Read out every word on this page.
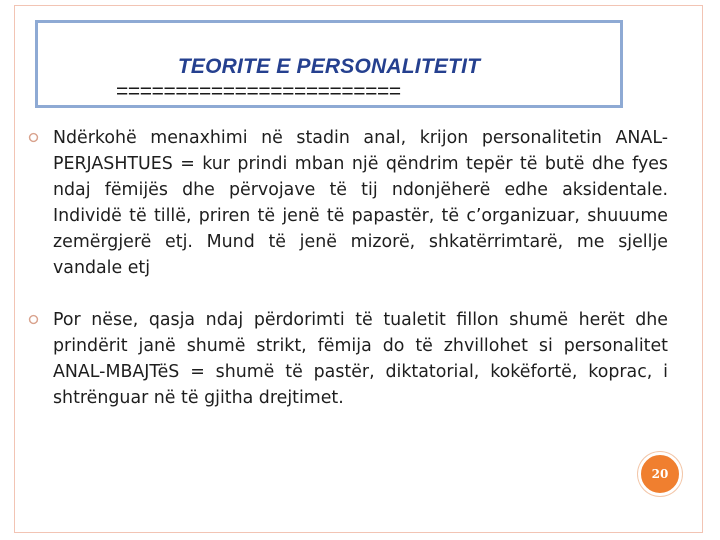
TEORITE E PERSONALITETIT
========================
Ndërkohë menaxhimi në stadin anal, krijon personalitetin ANAL-PERJASHTUES = kur prindi mban një qëndrim tepër të butë dhe fyes ndaj fëmijës dhe përvojave të tij ndonjëherë edhe aksidentale. Individë të tillë, priren të jenë të papastër, të c’organizuar, shuuume zemërgjerë etj. Mund të jenë mizorë, shkatërrimtarë, me sjellje vandale etj
Por nëse, qasja ndaj përdorimti të tualetit fillon shumë herët dhe prindërit janë shumë strikt, fëmija do të zhvillohet si personalitet ANAL-MBAJTëS = shumë të pastër, diktatorial, kokëfortë, koprac, i shtrënguar në të gjitha drejtimet.
20
